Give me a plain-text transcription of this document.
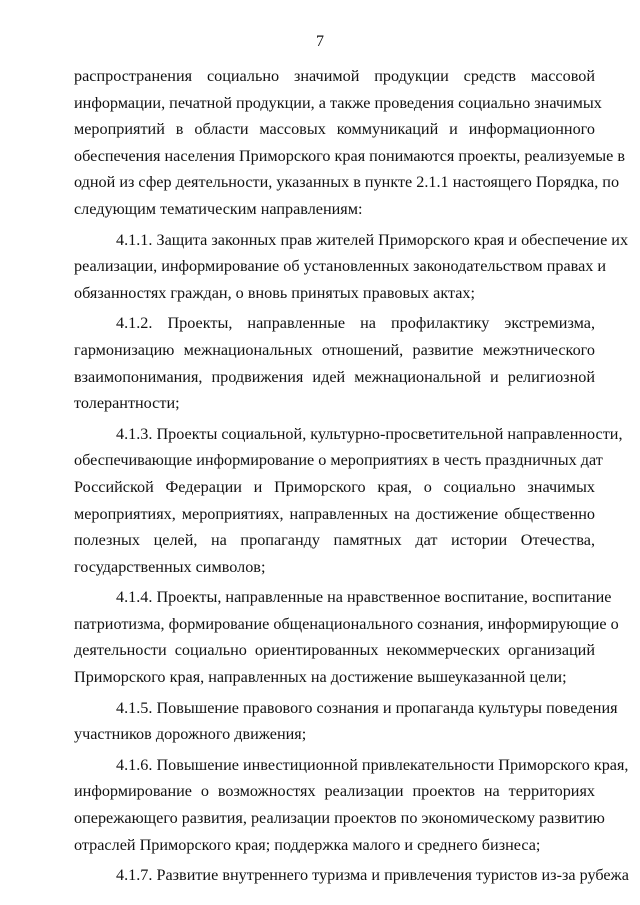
7
распространения социально значимой продукции средств массовой
информации, печатной продукции, а также проведения социально значимых
мероприятий в области массовых коммуникаций и информационного
обеспечения населения Приморского края понимаются проекты, реализуемые в
одной из сфер деятельности, указанных в пункте 2.1.1 настоящего Порядка, по
следующим тематическим направлениям:
4.1.1. Защита законных прав жителей Приморского края и обеспечение их
реализации, информирование об установленных законодательством правах и
обязанностях граждан, о вновь принятых правовых актах;
4.1.2. Проекты, направленные на профилактику экстремизма,
гармонизацию межнациональных отношений, развитие межэтнического
взаимопонимания, продвижения идей межнациональной и религиозной
толерантности;
4.1.3. Проекты социальной, культурно-просветительной направленности,
обеспечивающие информирование о мероприятиях в честь праздничных дат
Российской Федерации и Приморского края, о социально значимых
мероприятиях, мероприятиях, направленных на достижение общественно
полезных целей, на пропаганду памятных дат истории Отечества,
государственных символов;
4.1.4. Проекты, направленные на нравственное воспитание, воспитание
патриотизма, формирование общенационального сознания, информирующие о
деятельности социально ориентированных некоммерческих организаций
Приморского края, направленных на достижение вышеуказанной цели;
4.1.5. Повышение правового сознания и пропаганда культуры поведения
участников дорожного движения;
4.1.6. Повышение инвестиционной привлекательности Приморского края,
информирование о возможностях реализации проектов на территориях
опережающего развития, реализации проектов по экономическому развитию
отраслей Приморского края; поддержка малого и среднего бизнеса;
4.1.7. Развитие внутреннего туризма и привлечения туристов из-за рубежа
